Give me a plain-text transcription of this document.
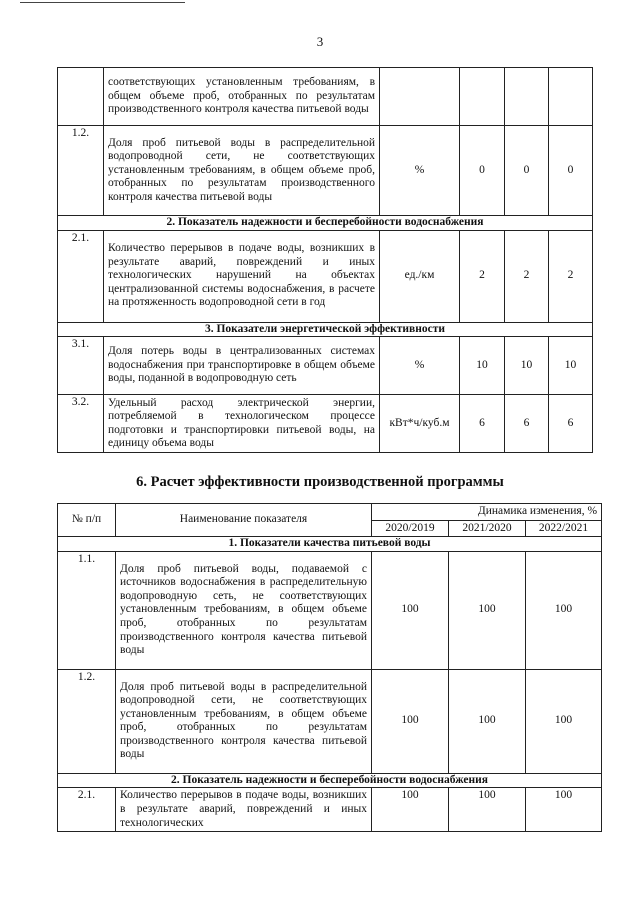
3
	соответствующих установленным требованиям, в общем объеме проб, отобранных по результатам производственного контроля качества питьевой воды				
1.2.	Доля проб питьевой воды в распределительной водопроводной сети, не соответствующих установленным требованиям, в общем объеме проб, отобранных по результатам производственного контроля качества питьевой воды	%	0	0	0
2. Показатель надежности и бесперебойности водоснабжения					
2.1.	Количество перерывов в подаче воды, возникших в результате аварий, повреждений и иных технологических нарушений на объектах централизованной системы водоснабжения, в расчете на протяженность водопроводной сети в год	ед./км	2	2	2
3. Показатели энергетической эффективности					
3.1.	Доля потерь воды в централизованных системах водоснабжения при транспортировке в общем объеме воды, поданной в водопроводную сеть	%	10	10	10
3.2.	Удельный расход электрической энергии, потребляемой в технологическом процессе подготовки и транспортировки питьевой воды, на единицу объема воды	кВт*ч/куб.м	6	6	6
6. Расчет эффективности производственной программы
№ п/п	Наименование показателя	Динамика изменения, %		
		2020/2019	2021/2020	2022/2021
1. Показатели качества питьевой воды				
1.1.	Доля проб питьевой воды, подаваемой с источников водоснабжения в распределительную водопроводную сеть, не соответствующих установленным требованиям, в общем объеме проб, отобранных по результатам производственного контроля качества питьевой воды	100	100	100
1.2.	Доля проб питьевой воды в распределительной водопроводной сети, не соответствующих установленным требованиям, в общем объеме проб, отобранных по результатам производственного контроля качества питьевой воды	100	100	100
2. Показатель надежности и бесперебойности водоснабжения				
2.1.	Количество перерывов в подаче воды, возникших в результате аварий, повреждений и иных технологических	100	100	100
